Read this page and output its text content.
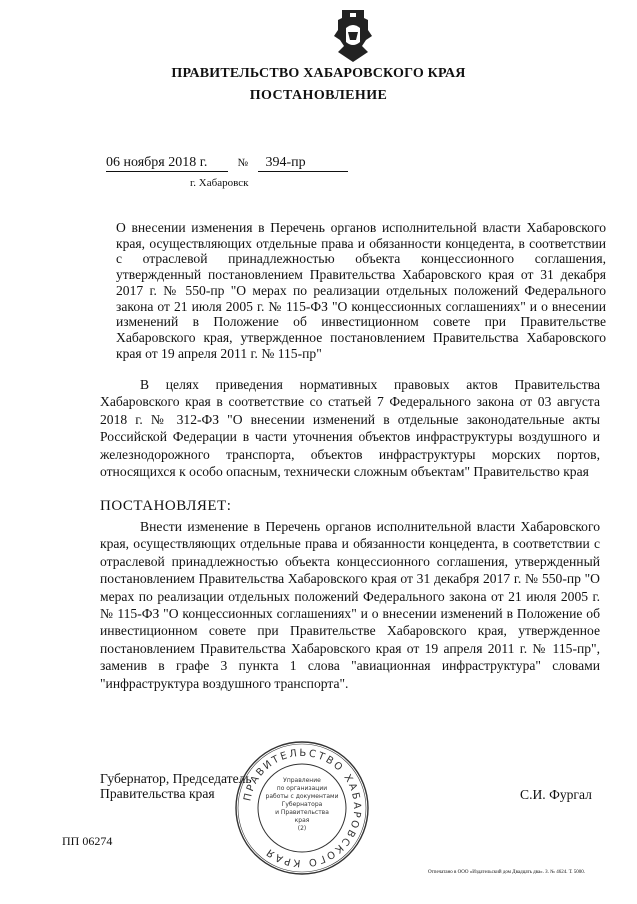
ПРАВИТЕЛЬСТВО ХАБАРОВСКОГО КРАЯ
ПОСТАНОВЛЕНИЕ
06 ноября 2018 г.	№ 394-пр
г. Хабаровск
О внесении изменения в Перечень органов исполнительной власти Хабаровского края, осуществляющих отдельные права и обязанности концедента, в соответствии с отраслевой принадлежностью объекта концессионного соглашения, утвержденный постановлением Правительства Хабаровского края от 31 декабря 2017 г. № 550-пр "О мерах по реализации отдельных положений Федерального закона от 21 июля 2005 г. № 115-ФЗ "О концессионных соглашениях" и о внесении изменений в Положение об инвестиционном совете при Правительстве Хабаровского края, утвержденное постановлением Правительства Хабаровского края от 19 апреля 2011 г. № 115-пр"
В целях приведения нормативных правовых актов Правительства Хабаровского края в соответствие со статьей 7 Федерального закона от 03 августа 2018 г. № 312-ФЗ "О внесении изменений в отдельные законодательные акты Российской Федерации в части уточнения объектов инфраструктуры воздушного и железнодорожного транспорта, объектов инфраструктуры морских портов, относящихся к особо опасным, технически сложным объектам" Правительство края
ПОСТАНОВЛЯЕТ:
Внести изменение в Перечень органов исполнительной власти Хабаровского края, осуществляющих отдельные права и обязанности концедента, в соответствии с отраслевой принадлежностью объекта концессионного соглашения, утвержденный постановлением Правительства Хабаровского края от 31 декабря 2017 г. № 550-пр "О мерах по реализации отдельных положений Федерального закона от 21 июля 2005 г. № 115-ФЗ "О концессионных соглашениях" и о внесении изменений в Положение об инвестиционном совете при Правительстве Хабаровского края, утвержденное постановлением Правительства Хабаровского края от 19 апреля 2011 г. № 115-пр", заменив в графе 3 пункта 1 слова "авиационная инфраструктура" словами "инфраструктура воздушного транспорта".
Губернатор, Председатель
Правительства края	ПРАВИТЕЛЬСТВО ХАБАРОВСКОГО КРАЯ
Управление
по организации
работы с документами
Губернатора
и Правительства
края
(2)
С.И. Фургал
ПП 06274
Отпечатано в ООО «Издательский дом Двадцать два». З. № 4624. Т. 5000.
